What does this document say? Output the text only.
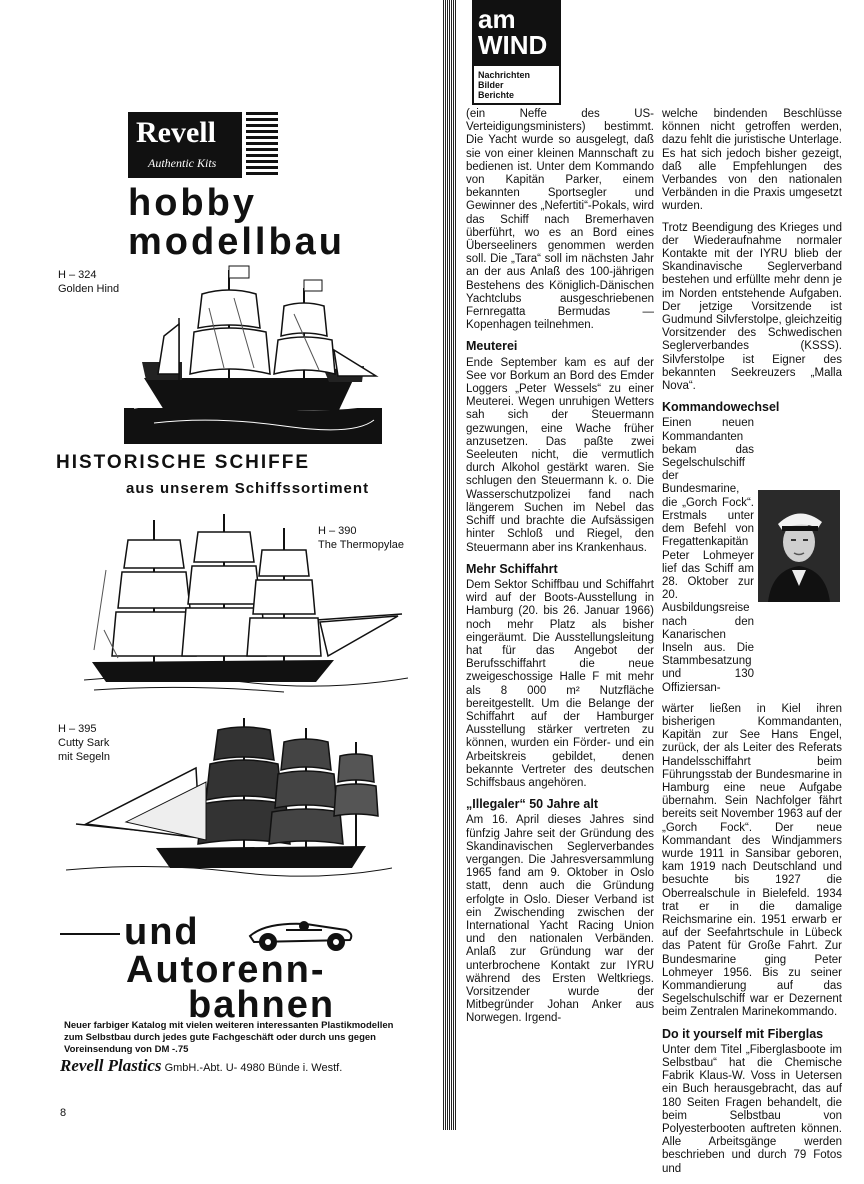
Revell
Authentic Kits
hobby
modellbau
H – 324
Golden Hind
HISTORISCHE SCHIFFE
aus unserem Schiffssortiment
H – 390
The Thermopylae
H – 395
Cutty Sark
mit Segeln
und
Autorenn-
bahnen
Neuer farbiger Katalog mit vielen weiteren interessanten Plastikmodellen zum Selbstbau durch jedes gute Fachgeschäft oder durch uns gegen Voreinsendung von DM -.75
Revell Plastics GmbH.-Abt. U- 4980 Bünde i. Westf.
8
am
WIND
Nachrichten
Bilder
Berichte

(ein Neffe des US-Verteidigungsministers) bestimmt. Die Yacht wurde so ausgelegt, daß sie von einer kleinen Mannschaft zu bedienen ist. Unter dem Kommando von Kapitän Parker, einem bekannten Sportsegler und Gewinner des „Nefertiti“-Pokals, wird das Schiff nach Bremerhaven überführt, wo es an Bord eines Überseeliners genommen werden soll. Die „Tara“ soll im nächsten Jahr an der aus Anlaß des 100-jährigen Bestehens des Königlich-Dänischen Yachtclubs ausgeschriebenen Fernregatta Bermudas — Kopenhagen teilnehmen.

Meuterei

Ende September kam es auf der See vor Borkum an Bord des Emder Loggers „Peter Wessels“ zu einer Meuterei. Wegen unruhigen Wetters sah sich der Steuermann gezwungen, eine Wache früher anzusetzen. Das paßte zwei Seeleuten nicht, die vermutlich durch Alkohol gestärkt waren. Sie schlugen den Steuermann k. o. Die Wasserschutzpolizei fand nach längerem Suchen im Nebel das Schiff und brachte die Aufsässigen hinter Schloß und Riegel, den Steuermann aber ins Krankenhaus.

Mehr Schiffahrt

Dem Sektor Schiffbau und Schiffahrt wird auf der Boots-Ausstellung in Hamburg (20. bis 26. Januar 1966) noch mehr Platz als bisher eingeräumt. Die Ausstellungsleitung hat für das Angebot der Berufsschiffahrt die neue zweigeschossige Halle F mit mehr als 8 000 m² Nutzfläche bereitgestellt. Um die Belange der Schiffahrt auf der Hamburger Ausstellung stärker vertreten zu können, wurden ein Förder- und ein Arbeitskreis gebildet, denen bekannte Vertreter des deutschen Schiffsbaus angehören.

„Illegaler“ 50 Jahre alt

Am 16. April dieses Jahres sind fünfzig Jahre seit der Gründung des Skandinavischen Seglerverbandes vergangen. Die Jahresversammlung 1965 fand am 9. Oktober in Oslo statt, denn auch die Gründung erfolgte in Oslo. Dieser Verband ist ein Zwischending zwischen der International Yacht Racing Union und den nationalen Verbänden. Anlaß zur Gründung war der unterbrochene Kontakt zur IYRU während des Ersten Weltkriegs. Vorsitzender wurde der Mitbegründer Johan Anker aus Norwegen. Irgend-

welche bindenden Beschlüsse können nicht getroffen werden, dazu fehlt die juristische Unterlage. Es hat sich jedoch bisher gezeigt, daß alle Empfehlungen des Verbandes von den nationalen Verbänden in die Praxis umgesetzt wurden.

Trotz Beendigung des Krieges und der Wiederaufnahme normaler Kontakte mit der IYRU blieb der Skandinavische Seglerverband bestehen und erfüllte mehr denn je im Norden entstehende Aufgaben. Der jetzige Vorsitzende ist Gudmund Silvferstolpe, gleichzeitig Vorsitzender des Schwedischen Seglerverbandes (KSSS). Silvferstolpe ist Eigner des bekannten Seekreuzers „Malla Nova“.

Kommandowechsel

Einen neuen Kommandanten bekam das Segelschulschiff der Bundesmarine, die „Gorch Fock“. Erstmals unter dem Befehl von Fregattenkapitän Peter Lohmeyer lief das Schiff am 28. Oktober zur 20. Ausbildungsreise nach den Kanarischen Inseln aus. Die Stammbesatzung und 130 Offiziersan-

wärter ließen in Kiel ihren bisherigen Kommandanten, Kapitän zur See Hans Engel, zurück, der als Leiter des Referats Handelsschiffahrt beim Führungsstab der Bundesmarine in Hamburg eine neue Aufgabe übernahm. Sein Nachfolger fährt bereits seit November 1963 auf der „Gorch Fock“. Der neue Kommandant des Windjammers wurde 1911 in Sansibar geboren, kam 1919 nach Deutschland und besuchte bis 1927 die Oberrealschule in Bielefeld. 1934 trat er in die damalige Reichsmarine ein. 1951 erwarb er auf der Seefahrtschule in Lübeck das Patent für Große Fahrt. Zur Bundesmarine ging Peter Lohmeyer 1956. Bis zu seiner Kommandierung auf das Segelschulschiff war er Dezernent beim Zentralen Marinekommando.

Do it yourself mit Fiberglas

Unter dem Titel „Fiberglasboote im Selbstbau“ hat die Chemische Fabrik Klaus-W. Voss in Uetersen ein Buch herausgebracht, das auf 180 Seiten Fragen behandelt, die beim Selbstbau von Polyesterbooten auftreten können. Alle Arbeitsgänge werden beschrieben und durch 79 Fotos und
